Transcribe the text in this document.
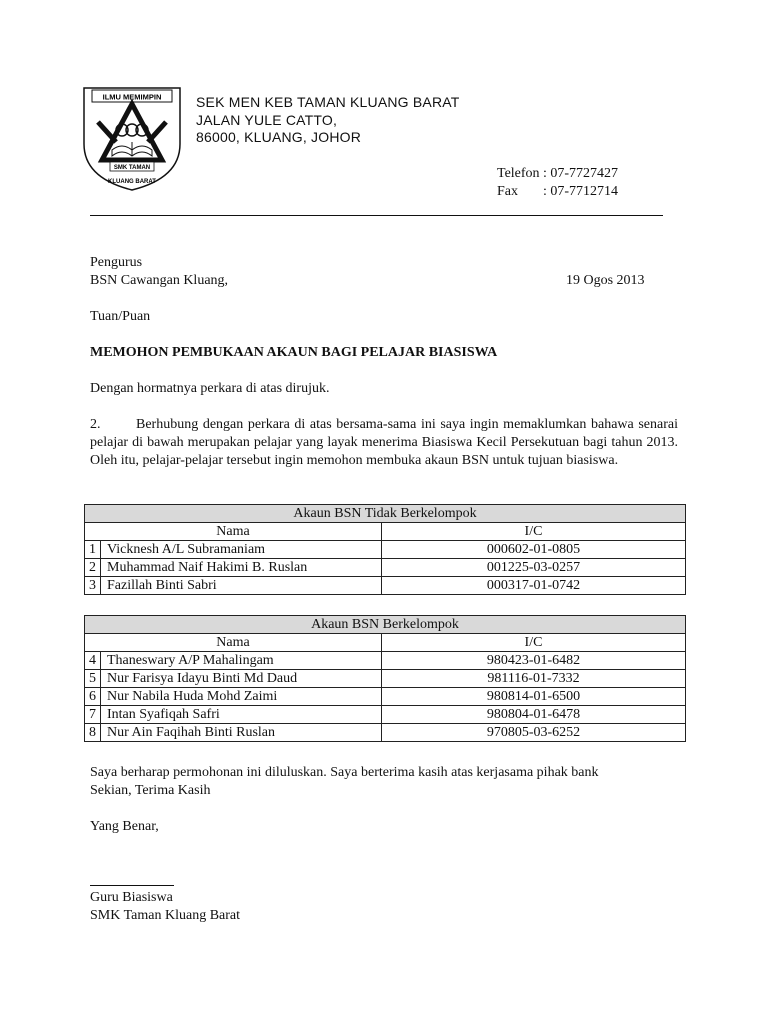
ILMU MEMIMPIN
SMK TAMAN
KLUANG BARAT
SEK MEN KEB TAMAN KLUANG BARAT
JALAN YULE CATTO,
86000, KLUANG, JOHOR
Telefon : 07-7727427
Fax : 07-7712714
Pengurus
BSN Cawangan Kluang,	19 Ogos 2013
Tuan/Puan
MEMOHON PEMBUKAAN AKAUN BAGI PELAJAR BIASISWA
Dengan hormatnya perkara di atas dirujuk.
2.	Berhubung dengan perkara di atas bersama-sama ini saya ingin memaklumkan bahawa senarai pelajar di bawah merupakan pelajar yang layak menerima Biasiswa Kecil Persekutuan bagi tahun 2013. Oleh itu, pelajar-pelajar tersebut ingin memohon membuka akaun BSN untuk tujuan biasiswa.
Akaun BSN Tidak Berkelompok		
Nama		I/C
1	Vicknesh A/L Subramaniam	000602-01-0805
2	Muhammad Naif Hakimi B. Ruslan	001225-03-0257
3	Fazillah Binti Sabri	000317-01-0742
Akaun BSN Berkelompok		
Nama		I/C
4	Thaneswary A/P Mahalingam	980423-01-6482
5	Nur Farisya Idayu Binti Md Daud	981116-01-7332
6	Nur Nabila Huda Mohd Zaimi	980814-01-6500
7	Intan Syafiqah Safri	980804-01-6478
8	Nur Ain Faqihah Binti Ruslan	970805-03-6252
Saya berharap permohonan ini diluluskan. Saya berterima kasih atas kerjasama pihak bank
Sekian, Terima Kasih
Yang Benar,
Guru Biasiswa
SMK Taman Kluang Barat
